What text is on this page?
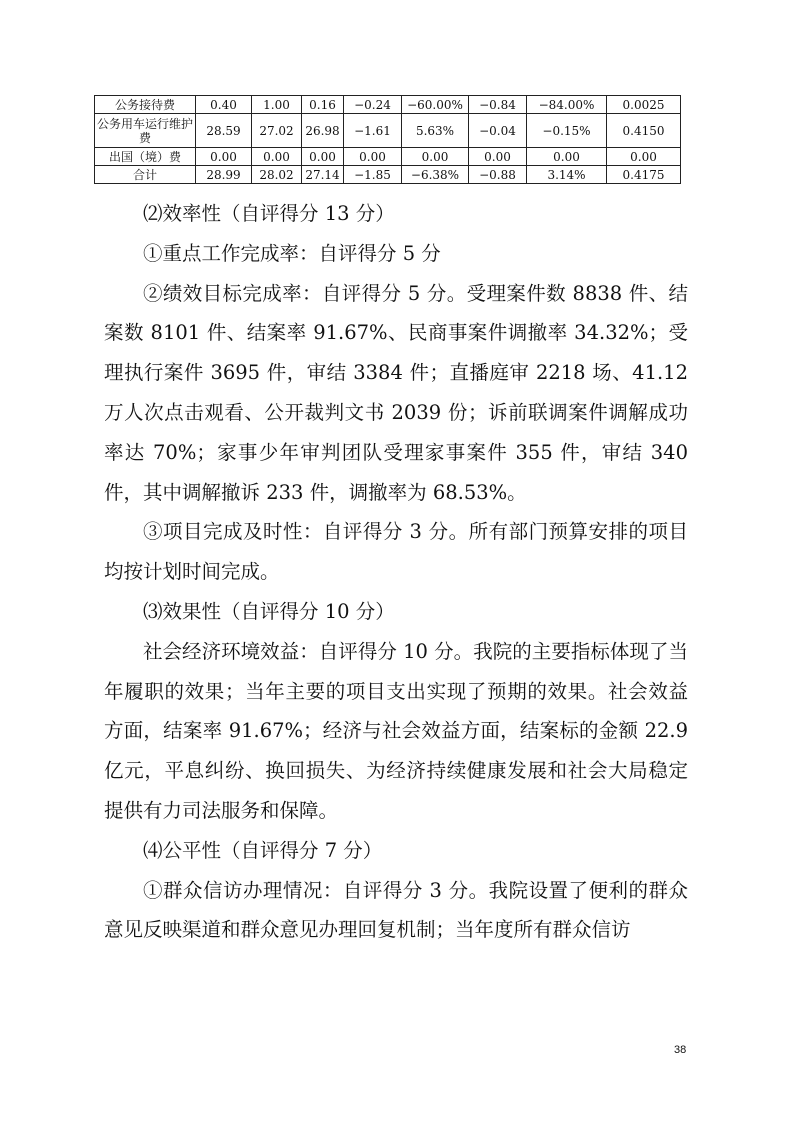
公务接待费	0.40	1.00	0.16	−0.24	−60.00%	−0.84	−84.00%	0.0025
公务用车运行维护费	28.59	27.02	26.98	−1.61	5.63%	−0.04	−0.15%	0.4150
出国（境）费	0.00	0.00	0.00	0.00	0.00	0.00	0.00	0.00
合计	28.99	28.02	27.14	−1.85	−6.38%	−0.88	3.14%	0.4175

⑵效率性（自评得分 13 分）

①重点工作完成率：自评得分 5 分

②绩效目标完成率：自评得分 5 分。受理案件数 8838 件、结案数 8101 件、结案率 91.67%、民商事案件调撤率 34.32%；受理执行案件 3695 件，审结 3384 件；直播庭审 2218 场、41.12 万人次点击观看、公开裁判文书 2039 份；诉前联调案件调解成功率达 70%；家事少年审判团队受理家事案件 355 件，审结 340 件，其中调解撤诉 233 件，调撤率为 68.53%。

③项目完成及时性：自评得分 3 分。所有部门预算安排的项目均按计划时间完成。

⑶效果性（自评得分 10 分）

社会经济环境效益：自评得分 10 分。我院的主要指标体现了当年履职的效果；当年主要的项目支出实现了预期的效果。社会效益方面，结案率 91.67%；经济与社会效益方面，结案标的金额 22.9 亿元，平息纠纷、换回损失、为经济持续健康发展和社会大局稳定提供有力司法服务和保障。

⑷公平性（自评得分 7 分）

①群众信访办理情况：自评得分 3 分。我院设置了便利的群众意见反映渠道和群众意见办理回复机制；当年度所有群众信访

38
